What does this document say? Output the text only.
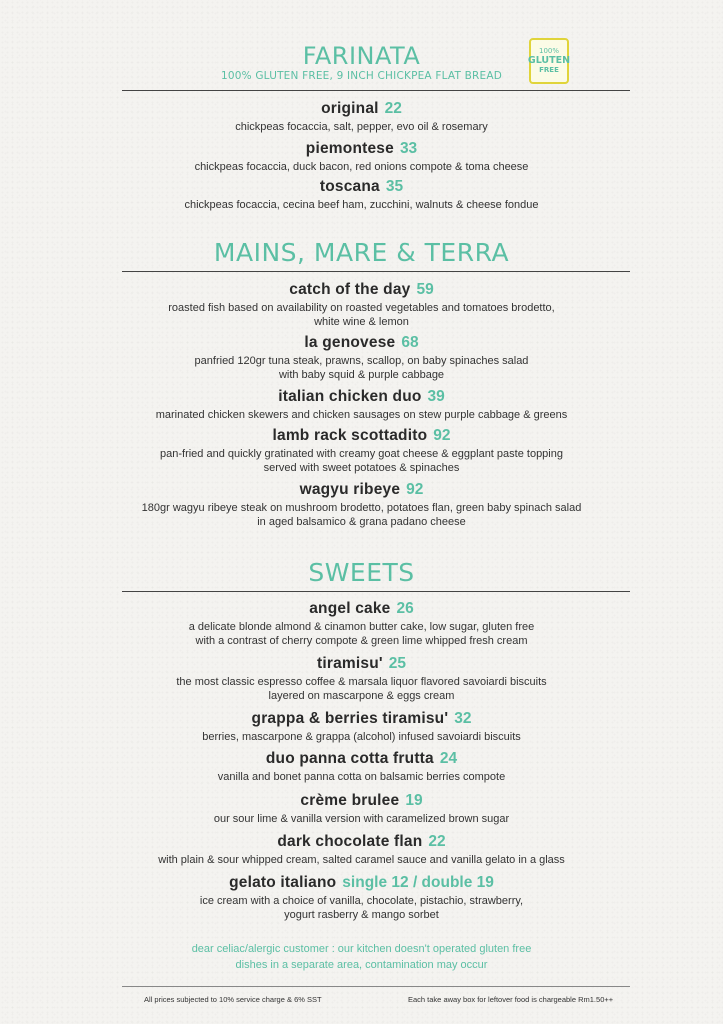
FARINATA
100% GLUTEN FREE, 9 INCH CHICKPEA FLAT BREAD
100%
GLUTEN
FREE
original 22
chickpeas focaccia, salt, pepper, evo oil & rosemary
piemontese 33
chickpeas focaccia, duck bacon, red onions compote & toma cheese
toscana 35
chickpeas focaccia, cecina beef ham, zucchini, walnuts & cheese fondue
MAINS, MARE & TERRA
catch of the day 59
roasted fish based on availability on roasted vegetables and tomatoes brodetto,
white wine & lemon
la genovese 68
panfried 120gr tuna steak, prawns, scallop, on baby spinaches salad
with baby squid & purple cabbage
italian chicken duo 39
marinated chicken skewers and chicken sausages on stew purple cabbage & greens
lamb rack scottadito 92
pan-fried and quickly gratinated with creamy goat cheese & eggplant paste topping
served with sweet potatoes & spinaches
wagyu ribeye 92
180gr wagyu ribeye steak on mushroom brodetto, potatoes flan, green baby spinach salad
in aged balsamico & grana padano cheese
SWEETS
angel cake 26
a delicate blonde almond & cinamon butter cake, low sugar, gluten free
with a contrast of cherry compote & green lime whipped fresh cream
tiramisu' 25
the most classic espresso coffee & marsala liquor flavored savoiardi biscuits
layered on mascarpone & eggs cream
grappa & berries tiramisu' 32
berries, mascarpone & grappa (alcohol) infused savoiardi biscuits
duo panna cotta frutta 24
vanilla and bonet panna cotta on balsamic berries compote
crème brulee 19
our sour lime & vanilla version with caramelized brown sugar
dark chocolate flan 22
with plain & sour whipped cream, salted caramel sauce and vanilla gelato in a glass
gelato italiano single 12 / double 19
ice cream with a choice of vanilla, chocolate, pistachio, strawberry,
yogurt rasberry & mango sorbet
dear celiac/alergic customer : our kitchen doesn't operated gluten free
dishes in a separate area, contamination may occur
All prices subjected to 10% service charge & 6% SST	Each take away box for leftover food is chargeable Rm1.50++
